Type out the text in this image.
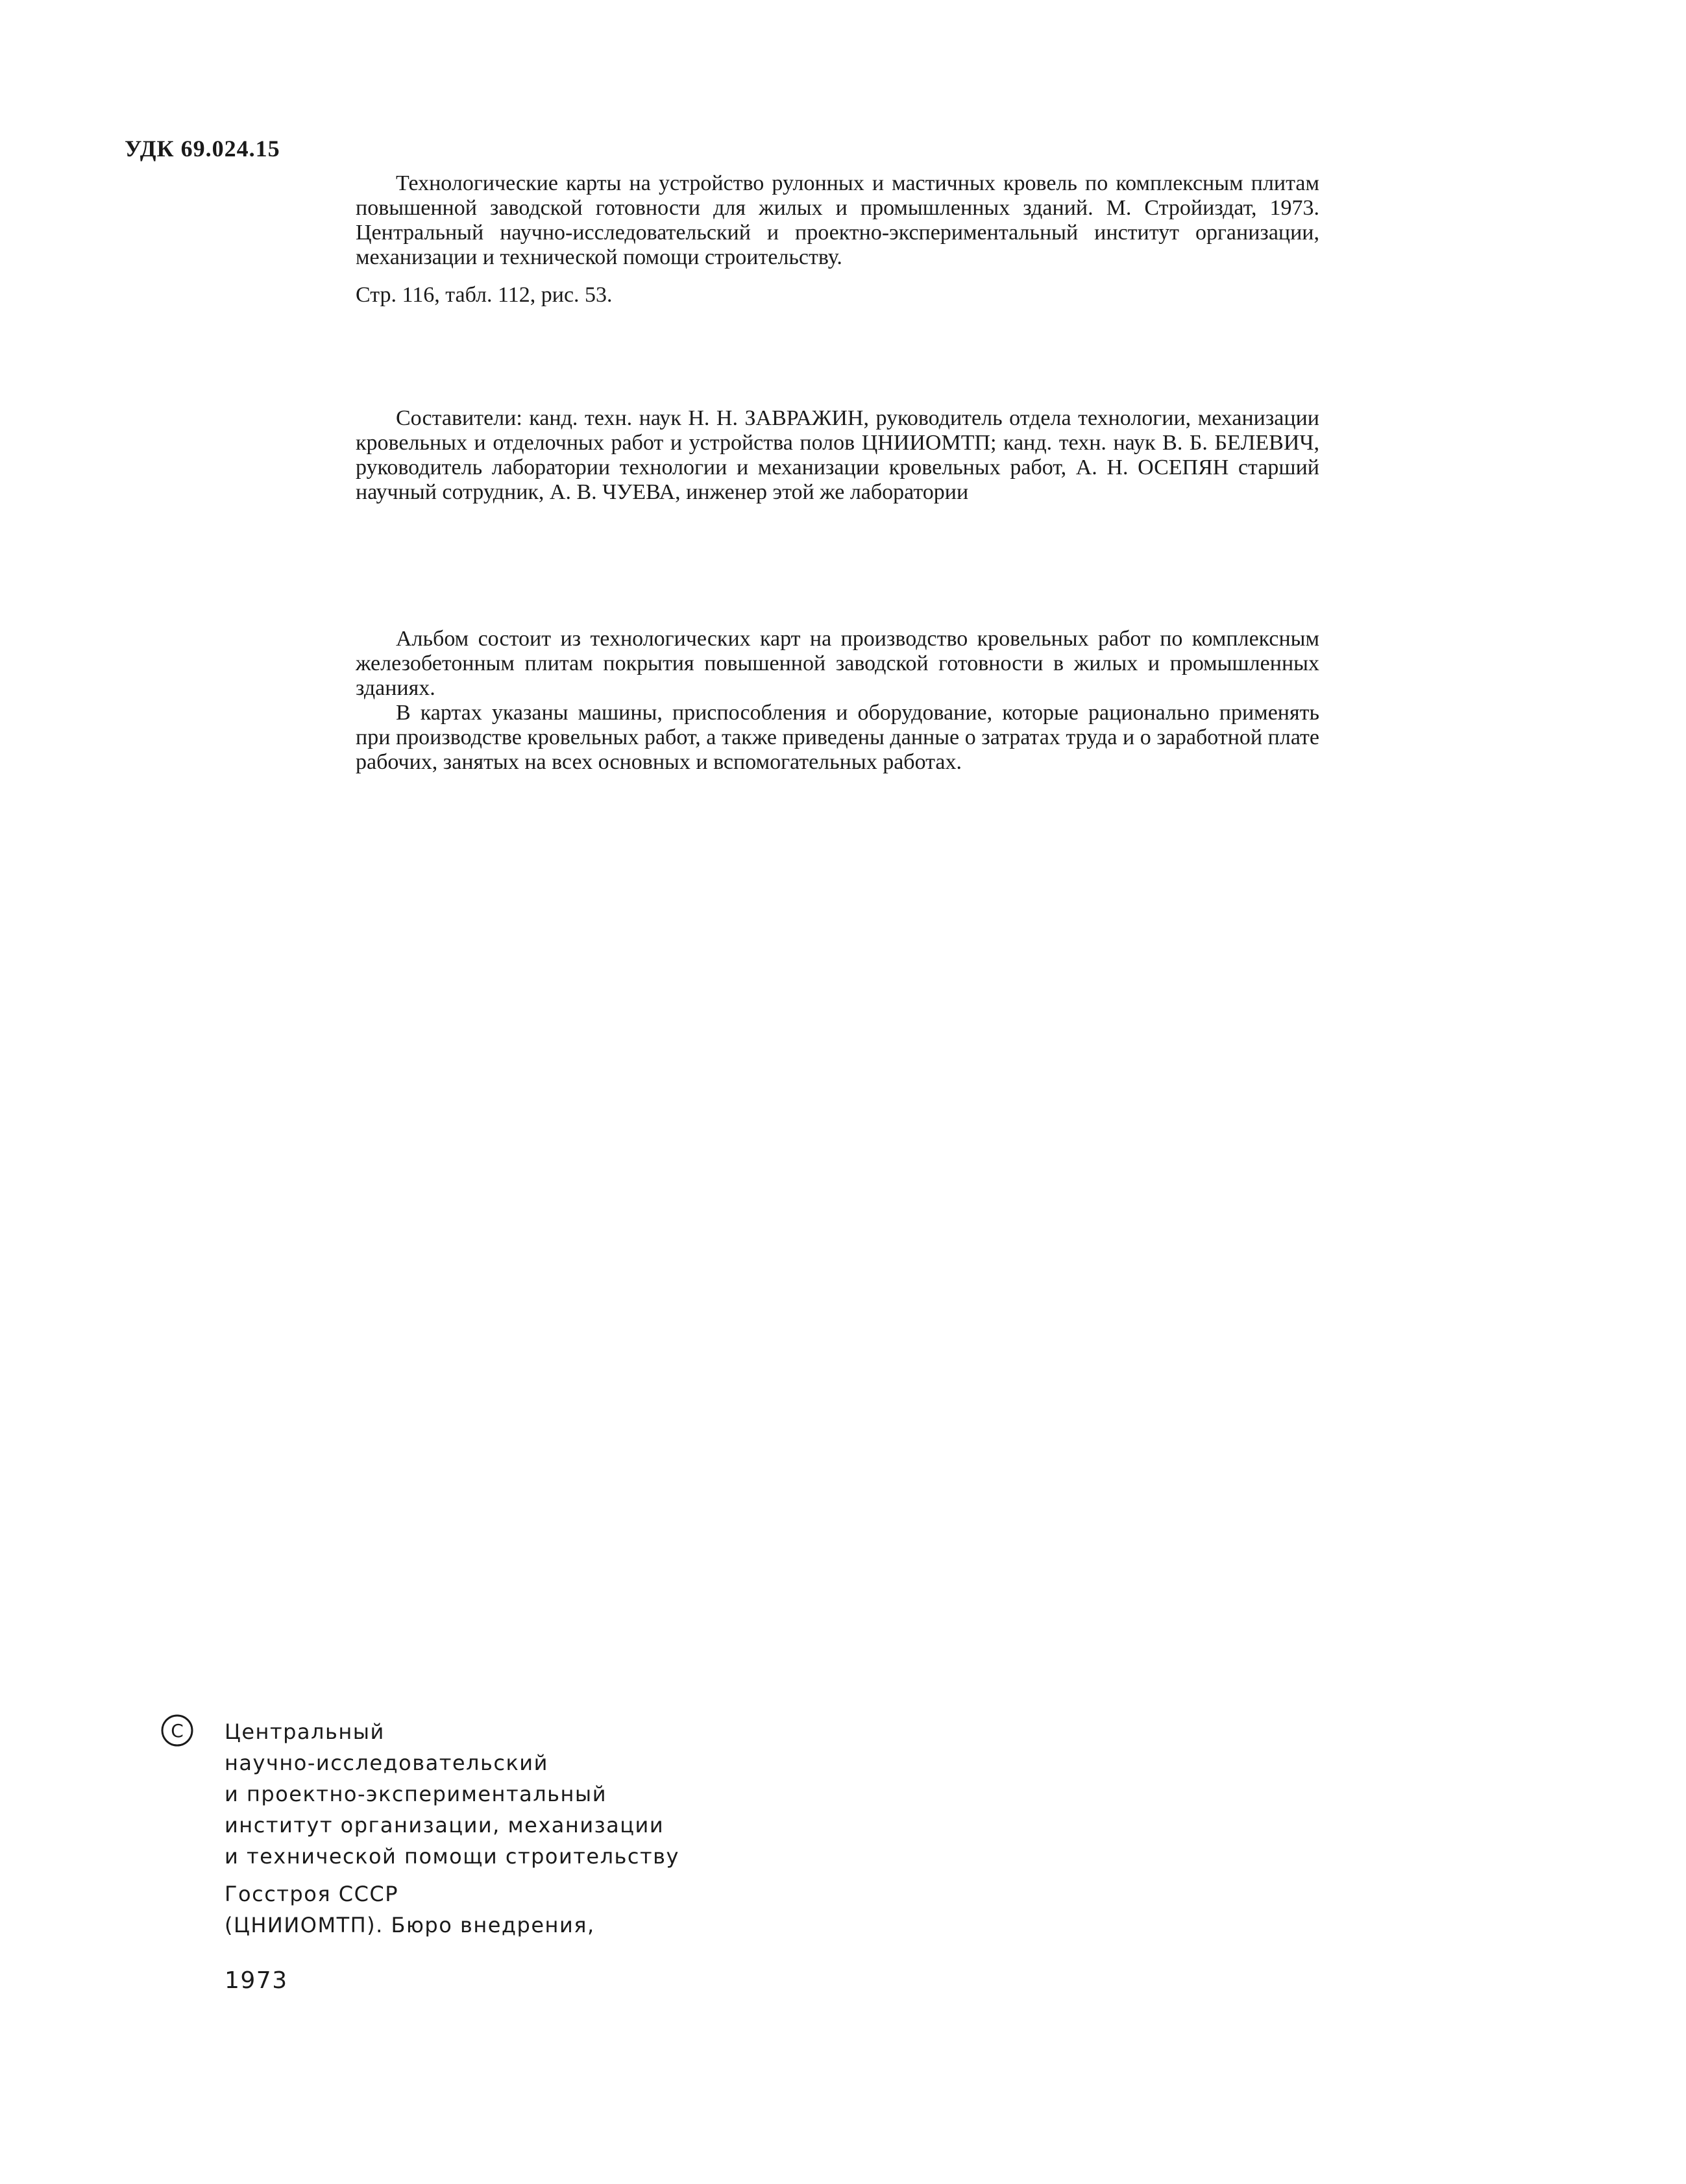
УДК 69.024.15

Технологические карты на устройство рулонных и мастичных кровель по комплексным плитам повышенной заводской готовности для жилых и промышленных зданий. М. Стройиздат, 1973. Центральный научно-исследовательский и проектно-экспериментальный институт организации, механизации и технической помощи строительству.

Стр. 116, табл. 112, рис. 53.

Составители: канд. техн. наук Н. Н. ЗАВРАЖИН, руководитель отдела технологии, механизации кровельных и отделочных работ и устройства полов ЦНИИОМТП; канд. техн. наук В. Б. БЕЛЕВИЧ, руководитель лаборатории технологии и механизации кровельных работ, А. Н. ОСЕПЯН старший научный сотрудник, А. В. ЧУЕВА, инженер этой же лаборатории

Альбом состоит из технологических карт на производство кровельных работ по комплексным железобетонным плитам покрытия повышенной заводской готовности в жилых и промышленных зданиях.

В картах указаны машины, приспособления и оборудование, которые рационально применять при производстве кровельных работ, а также приведены данные о затратах труда и о заработной плате рабочих, занятых на всех основных и вспомогательных работах.

C Центральный
научно-исследовательский
и проектно-экспериментальный
институт организации, механизации
и технической помощи строительству
Госстроя СССР
(ЦНИИОМТП). Бюро внедрения,
1973
